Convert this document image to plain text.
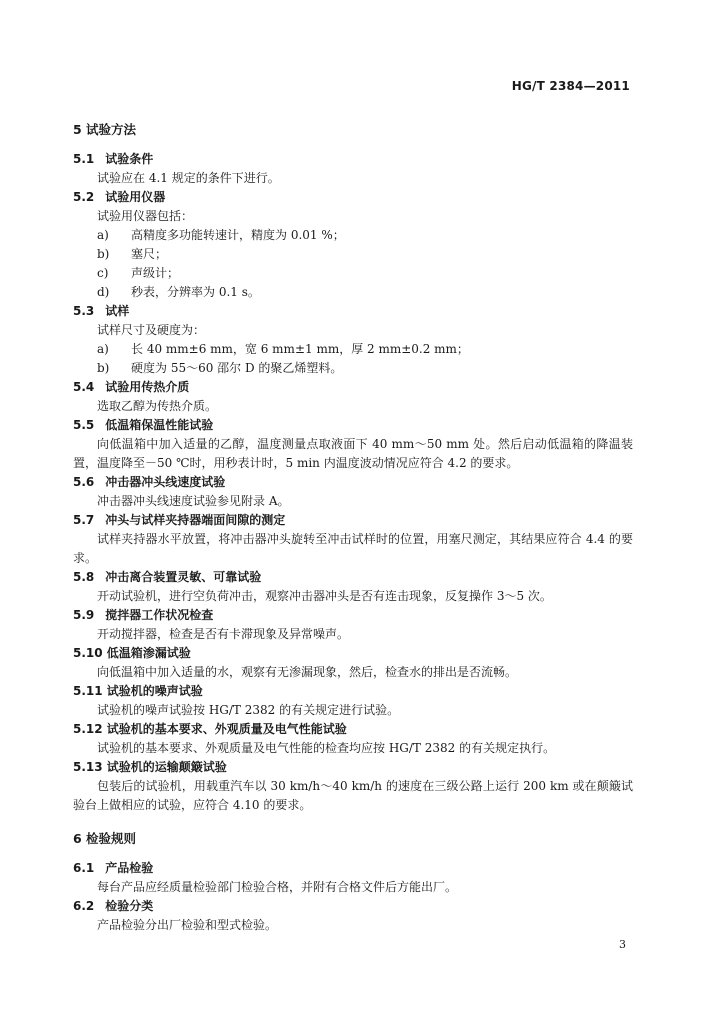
HG/T 2384—2011
5 试验方法
5.1 试验条件
试验应在 4.1 规定的条件下进行。
5.2 试验用仪器
试验用仪器包括：
a) 高精度多功能转速计，精度为 0.01 %；
b) 塞尺；
c) 声级计；
d) 秒表，分辨率为 0.1 s。
5.3 试样
试样尺寸及硬度为：
a) 长 40 mm±6 mm，宽 6 mm±1 mm，厚 2 mm±0.2 mm；
b) 硬度为 55～60 邵尔 D 的聚乙烯塑料。
5.4 试验用传热介质
选取乙醇为传热介质。
5.5 低温箱保温性能试验
向低温箱中加入适量的乙醇，温度测量点取液面下 40 mm～50 mm 处。然后启动低温箱的降温装置，温度降至－50 ℃时，用秒表计时，5 min 内温度波动情况应符合 4.2 的要求。
5.6 冲击器冲头线速度试验
冲击器冲头线速度试验参见附录 A。
5.7 冲头与试样夹持器端面间隙的测定
试样夹持器水平放置，将冲击器冲头旋转至冲击试样时的位置，用塞尺测定，其结果应符合 4.4 的要求。
5.8 冲击离合装置灵敏、可靠试验
开动试验机，进行空负荷冲击，观察冲击器冲头是否有连击现象，反复操作 3～5 次。
5.9 搅拌器工作状况检查
开动搅拌器，检查是否有卡滞现象及异常噪声。
5.10 低温箱渗漏试验
向低温箱中加入适量的水，观察有无渗漏现象，然后，检查水的排出是否流畅。
5.11 试验机的噪声试验
试验机的噪声试验按 HG/T 2382 的有关规定进行试验。
5.12 试验机的基本要求、外观质量及电气性能试验
试验机的基本要求、外观质量及电气性能的检查均应按 HG/T 2382 的有关规定执行。
5.13 试验机的运输颠簸试验
包装后的试验机，用载重汽车以 30 km/h～40 km/h 的速度在三级公路上运行 200 km 或在颠簸试验台上做相应的试验，应符合 4.10 的要求。
6 检验规则
6.1 产品检验
每台产品应经质量检验部门检验合格，并附有合格文件后方能出厂。
6.2 检验分类
产品检验分出厂检验和型式检验。
3
